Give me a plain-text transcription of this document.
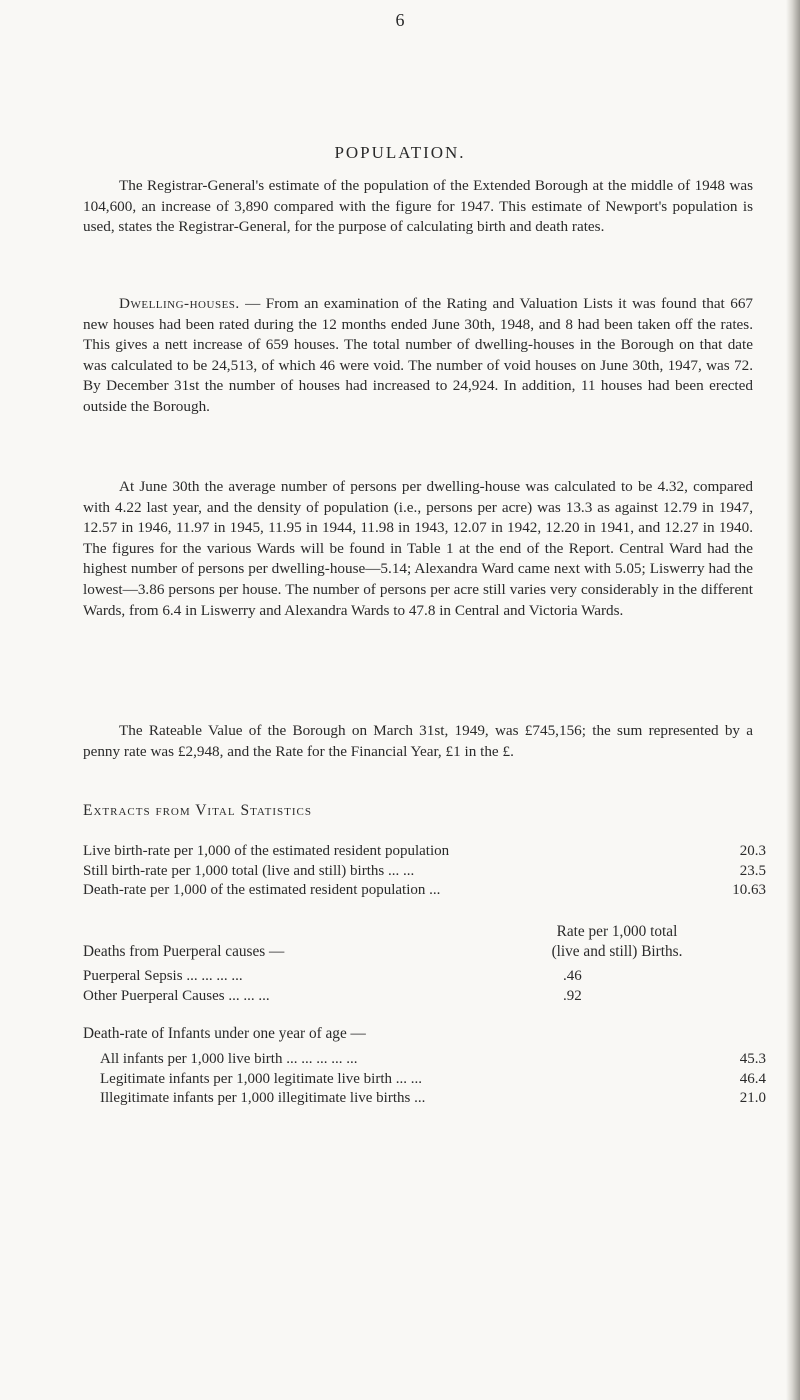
6
POPULATION.

The Registrar-General's estimate of the population of the Extended Borough at the middle of 1948 was 104,600, an increase of 3,890 compared with the figure for 1947. This estimate of Newport's population is used, states the Registrar-General, for the purpose of calculating birth and death rates.

Dwelling-houses. — From an examination of the Rating and Valuation Lists it was found that 667 new houses had been rated during the 12 months ended June 30th, 1948, and 8 had been taken off the rates. This gives a nett increase of 659 houses. The total number of dwelling-houses in the Borough on that date was calculated to be 24,513, of which 46 were void. The number of void houses on June 30th, 1947, was 72. By December 31st the number of houses had increased to 24,924. In addition, 11 houses had been erected outside the Borough.

At June 30th the average number of persons per dwelling-house was calculated to be 4.32, compared with 4.22 last year, and the density of population (i.e., persons per acre) was 13.3 as against 12.79 in 1947, 12.57 in 1946, 11.97 in 1945, 11.95 in 1944, 11.98 in 1943, 12.07 in 1942, 12.20 in 1941, and 12.27 in 1940. The figures for the various Wards will be found in Table 1 at the end of the Report. Central Ward had the highest number of persons per dwelling-house—5.14; Alexandra Ward came next with 5.05; Liswerry had the lowest—3.86 persons per house. The number of persons per acre still varies very considerably in the different Wards, from 6.4 in Liswerry and Alexandra Wards to 47.8 in Central and Victoria Wards.

The Rateable Value of the Borough on March 31st, 1949, was £745,156; the sum represented by a penny rate was £2,948, and the Rate for the Financial Year, £1 in the £.

Extracts from Vital Statistics
Live birth-rate per 1,000 of the estimated resident population	20.3
Still birth-rate per 1,000 total (live and still) births ... ...	23.5
Death-rate per 1,000 of the estimated resident population ...	10.63
Rate per 1,000 total
(live and still) Births.
Deaths from Puerperal causes —
Puerperal Sepsis ... ... ... ...	.46
Other Puerperal Causes ... ... ...	.92
Death-rate of Infants under one year of age —
All infants per 1,000 live birth ... ... ... ... ...	45.3
Legitimate infants per 1,000 legitimate live birth ... ...	46.4
Illegitimate infants per 1,000 illegitimate live births ...	21.0
